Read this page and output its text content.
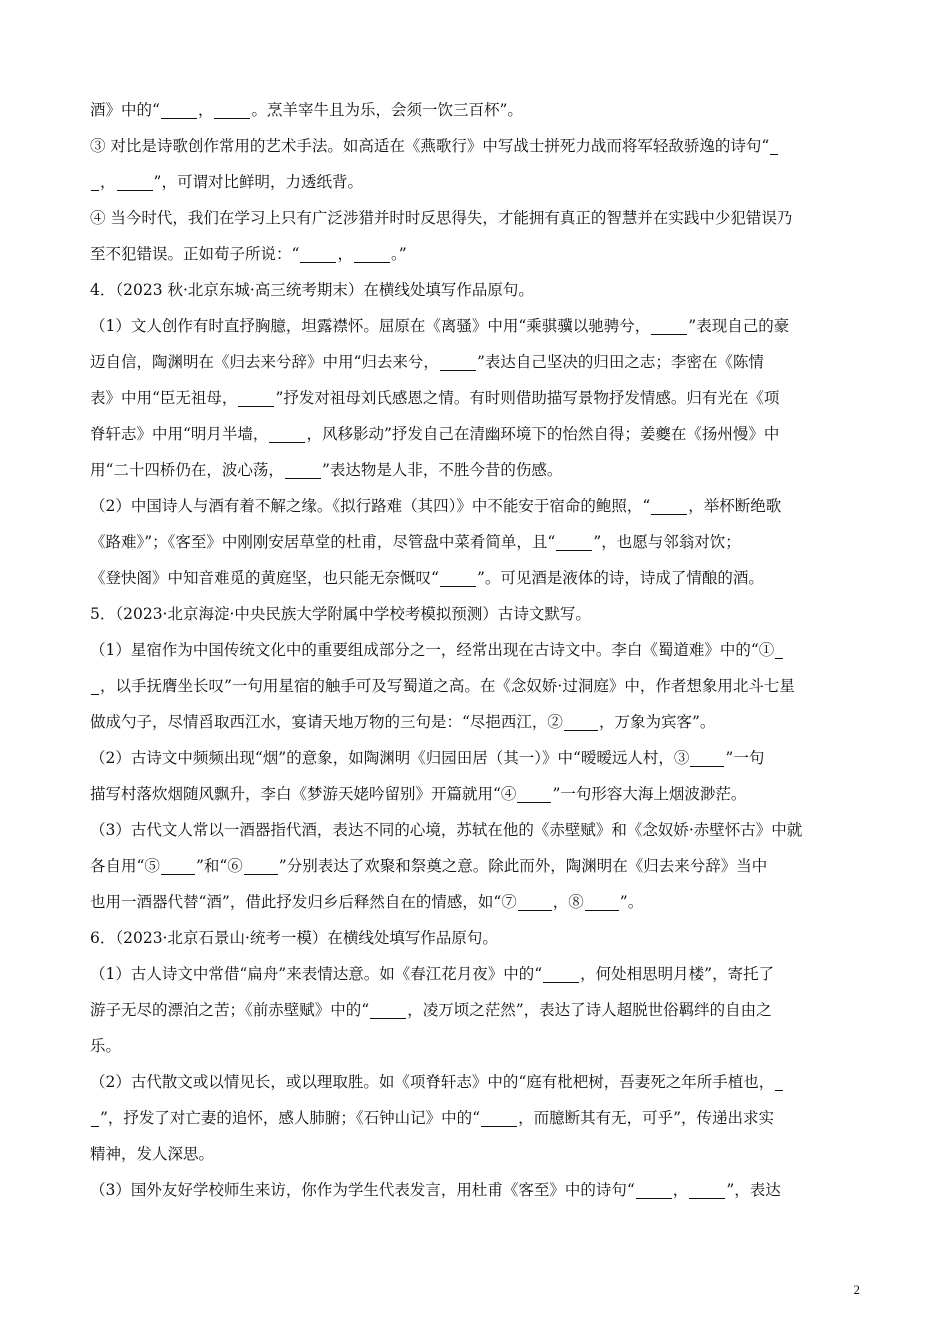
酒》中的“ ， 。烹羊宰牛且为乐，会须一饮三百杯”。
③ 对比是诗歌创作常用的艺术手法。如高适在《燕歌行》中写战士拼死力战而将军轻敌骄逸的诗句“
， ”，可谓对比鲜明，力透纸背。
④ 当今时代，我们在学习上只有广泛涉猎并时时反思得失，才能拥有真正的智慧并在实践中少犯错误乃
至不犯错误。正如荀子所说：“ ， 。”
4．（2023 秋·北京东城·高三统考期末）在横线处填写作品原句。
（1）文人创作有时直抒胸臆，坦露襟怀。屈原在《离骚》中用“乘骐骥以驰骋兮， ”表现自己的豪
迈自信，陶渊明在《归去来兮辞》中用“归去来兮， ”表达自己坚决的归田之志；李密在《陈情
表》中用“臣无祖母， ”抒发对祖母刘氏感恩之情。有时则借助描写景物抒发情感。归有光在《项
脊轩志》中用“明月半墙， ，风移影动”抒发自己在清幽环境下的怡然自得；姜夔在《扬州慢》中
用“二十四桥仍在，波心荡， ”表达物是人非，不胜今昔的伤感。
（2）中国诗人与酒有着不解之缘。《拟行路难（其四）》中不能安于宿命的鲍照，“ ，举杯断绝歌
《路难》”；《客至》中刚刚安居草堂的杜甫，尽管盘中菜肴简单，且“ ”，也愿与邻翁对饮；
《登快阁》中知音难觅的黄庭坚，也只能无奈慨叹“ ”。可见酒是液体的诗，诗成了情酿的酒。
5．（2023·北京海淀·中央民族大学附属中学校考模拟预测）古诗文默写。
（1）星宿作为中国传统文化中的重要组成部分之一，经常出现在古诗文中。李白《蜀道难》中的“①
，以手抚膺坐长叹”一句用星宿的触手可及写蜀道之高。在《念奴娇·过洞庭》中，作者想象用北斗七星
做成勺子，尽情舀取西江水，宴请天地万物的三句是：“尽挹西江，② ，万象为宾客”。
（2）古诗文中频频出现“烟”的意象，如陶渊明《归园田居（其一）》中“暧暧远人村，③ ”一句
描写村落炊烟随风飘升，李白《梦游天姥吟留别》开篇就用“④ ”一句形容大海上烟波渺茫。
（3）古代文人常以一酒器指代酒，表达不同的心境，苏轼在他的《赤壁赋》和《念奴娇·赤壁怀古》中就
各自用“⑤ ”和“⑥ ”分别表达了欢聚和祭奠之意。除此而外，陶渊明在《归去来兮辞》当中
也用一酒器代替“酒”，借此抒发归乡后释然自在的情感，如“⑦ ，⑧ ”。
6．（2023·北京石景山·统考一模）在横线处填写作品原句。
（1）古人诗文中常借“扁舟”来表情达意。如《春江花月夜》中的“ ，何处相思明月楼”，寄托了
游子无尽的漂泊之苦；《前赤壁赋》中的“ ，凌万顷之茫然”，表达了诗人超脱世俗羁绊的自由之
乐。
（2）古代散文或以情见长，或以理取胜。如《项脊轩志》中的“庭有枇杷树，吾妻死之年所手植也，
”，抒发了对亡妻的追怀，感人肺腑；《石钟山记》中的“ ，而臆断其有无，可乎”，传递出求实
精神，发人深思。
（3）国外友好学校师生来访，你作为学生代表发言，用杜甫《客至》中的诗句“ ， ”，表达
2
